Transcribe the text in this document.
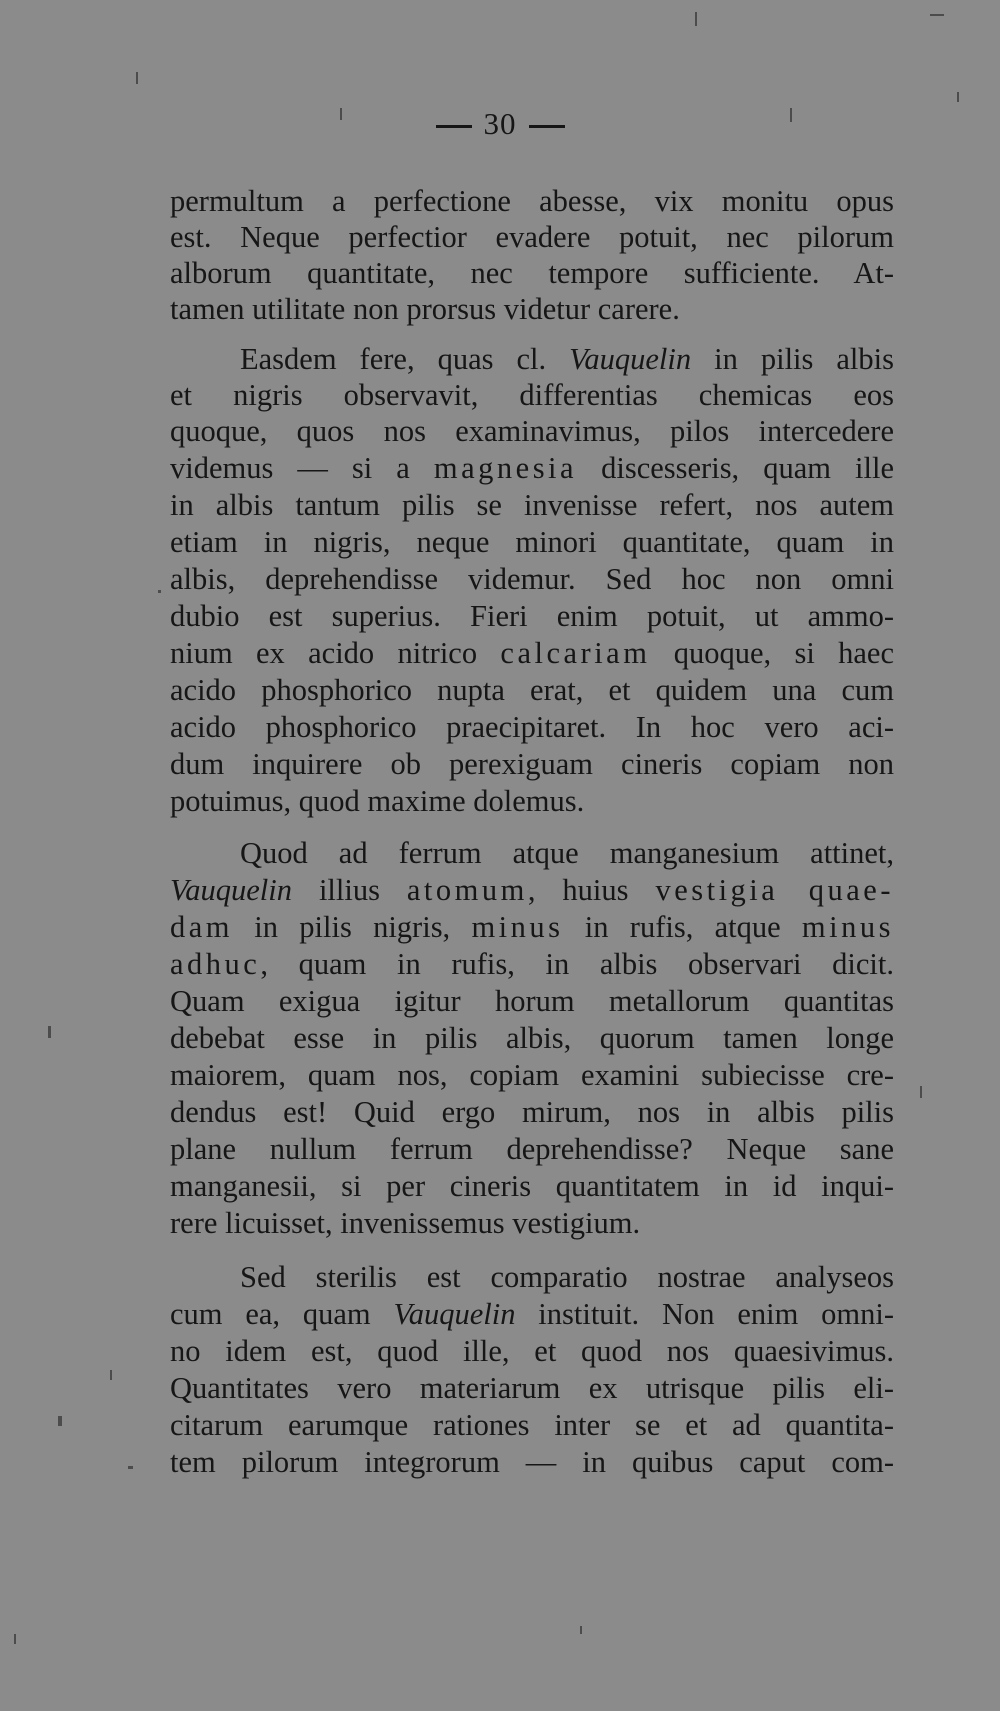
30
permultum a perfectione abesse, vix monitu opus
est. Neque perfectior evadere potuit, nec pilorum
alborum quantitate, nec tempore sufficiente. At-
tamen utilitate non prorsus videtur carere.
Easdem fere, quas cl. Vauquelin in pilis albis
et nigris observavit, differentias chemicas eos
quoque, quos nos examinavimus, pilos intercedere
videmus — si a magnesia discesseris, quam ille
in albis tantum pilis se invenisse refert, nos autem
etiam in nigris, neque minori quantitate, quam in
albis, deprehendisse videmur. Sed hoc non omni
dubio est superius. Fieri enim potuit, ut ammo-
nium ex acido nitrico calcariam quoque, si haec
acido phosphorico nupta erat, et quidem una cum
acido phosphorico praecipitaret. In hoc vero aci-
dum inquirere ob perexiguam cineris copiam non
potuimus, quod maxime dolemus.
Quod ad ferrum atque manganesium attinet,
Vauquelin illius atomum, huius vestigia quae-
dam in pilis nigris, minus in rufis, atque minus
adhuc, quam in rufis, in albis observari dicit.
Quam exigua igitur horum metallorum quantitas
debebat esse in pilis albis, quorum tamen longe
maiorem, quam nos, copiam examini subiecisse cre-
dendus est! Quid ergo mirum, nos in albis pilis
plane nullum ferrum deprehendisse? Neque sane
manganesii, si per cineris quantitatem in id inqui-
rere licuisset, invenissemus vestigium.
Sed sterilis est comparatio nostrae analyseos
cum ea, quam Vauquelin instituit. Non enim omni-
no idem est, quod ille, et quod nos quaesivimus.
Quantitates vero materiarum ex utrisque pilis eli-
citarum earumque rationes inter se et ad quantita-
tem pilorum integrorum — in quibus caput com-
